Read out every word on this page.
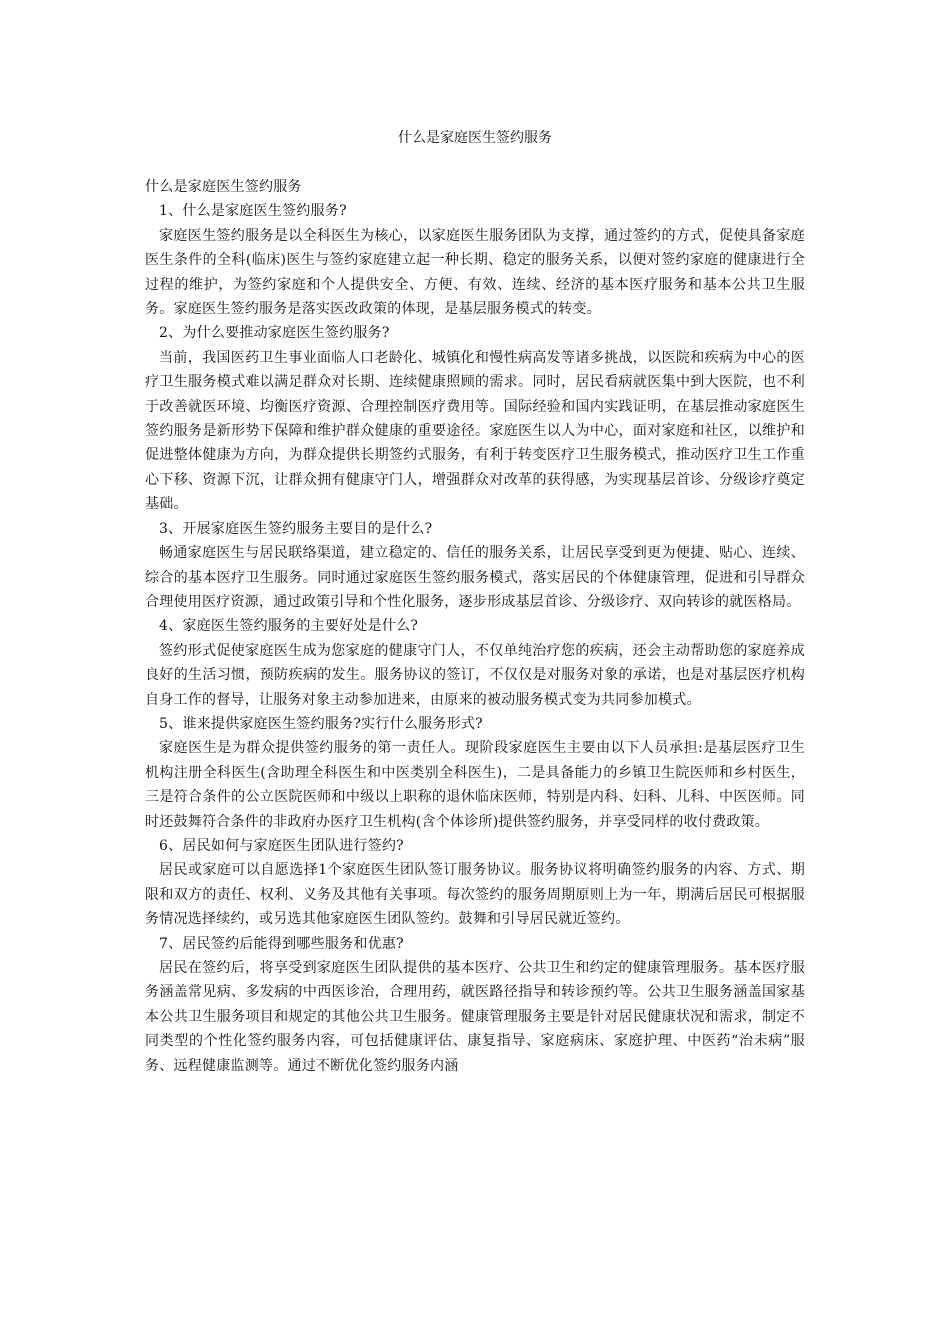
什么是家庭医生签约服务

什么是家庭医生签约服务

1、什么是家庭医生签约服务?

家庭医生签约服务是以全科医生为核心，以家庭医生服务团队为支撑，通过签约的方式，促使具备家庭医生条件的全科(临床)医生与签约家庭建立起一种长期、稳定的服务关系，以便对签约家庭的健康进行全过程的维护，为签约家庭和个人提供安全、方便、有效、连续、经济的基本医疗服务和基本公共卫生服务。家庭医生签约服务是落实医改政策的体现，是基层服务模式的转变。

2、为什么要推动家庭医生签约服务?

当前，我国医药卫生事业面临人口老龄化、城镇化和慢性病高发等诸多挑战，以医院和疾病为中心的医疗卫生服务模式难以满足群众对长期、连续健康照顾的需求。同时，居民看病就医集中到大医院，也不利于改善就医环境、均衡医疗资源、合理控制医疗费用等。国际经验和国内实践证明，在基层推动家庭医生签约服务是新形势下保障和维护群众健康的重要途径。家庭医生以人为中心，面对家庭和社区，以维护和促进整体健康为方向，为群众提供长期签约式服务，有利于转变医疗卫生服务模式，推动医疗卫生工作重心下移、资源下沉，让群众拥有健康守门人，增强群众对改革的获得感，为实现基层首诊、分级诊疗奠定基础。

3、开展家庭医生签约服务主要目的是什么?

畅通家庭医生与居民联络渠道，建立稳定的、信任的服务关系，让居民享受到更为便捷、贴心、连续、综合的基本医疗卫生服务。同时通过家庭医生签约服务模式，落实居民的个体健康管理，促进和引导群众合理使用医疗资源，通过政策引导和个性化服务，逐步形成基层首诊、分级诊疗、双向转诊的就医格局。

4、家庭医生签约服务的主要好处是什么?

签约形式促使家庭医生成为您家庭的健康守门人，不仅单纯治疗您的疾病，还会主动帮助您的家庭养成良好的生活习惯，预防疾病的发生。服务协议的签订，不仅仅是对服务对象的承诺，也是对基层医疗机构自身工作的督导，让服务对象主动参加进来，由原来的被动服务模式变为共同参加模式。

5、谁来提供家庭医生签约服务?实行什么服务形式?

家庭医生是为群众提供签约服务的第一责任人。现阶段家庭医生主要由以下人员承担:是基层医疗卫生机构注册全科医生(含助理全科医生和中医类别全科医生)，二是具备能力的乡镇卫生院医师和乡村医生，三是符合条件的公立医院医师和中级以上职称的退休临床医师，特别是内科、妇科、儿科、中医医师。同时还鼓舞符合条件的非政府办医疗卫生机构(含个体诊所)提供签约服务，并享受同样的收付费政策。

6、居民如何与家庭医生团队进行签约?

居民或家庭可以自愿选择1个家庭医生团队签订服务协议。服务协议将明确签约服务的内容、方式、期限和双方的责任、权利、义务及其他有关事项。每次签约的服务周期原则上为一年，期满后居民可根据服务情况选择续约，或另选其他家庭医生团队签约。鼓舞和引导居民就近签约。

7、居民签约后能得到哪些服务和优惠?

居民在签约后，将享受到家庭医生团队提供的基本医疗、公共卫生和约定的健康管理服务。基本医疗服务涵盖常见病、多发病的中西医诊治，合理用药，就医路径指导和转诊预约等。公共卫生服务涵盖国家基本公共卫生服务项目和规定的其他公共卫生服务。健康管理服务主要是针对居民健康状况和需求，制定不同类型的个性化签约服务内容，可包括健康评估、康复指导、家庭病床、家庭护理、中医药“治未病”服务、远程健康监测等。通过不断优化签约服务内涵
